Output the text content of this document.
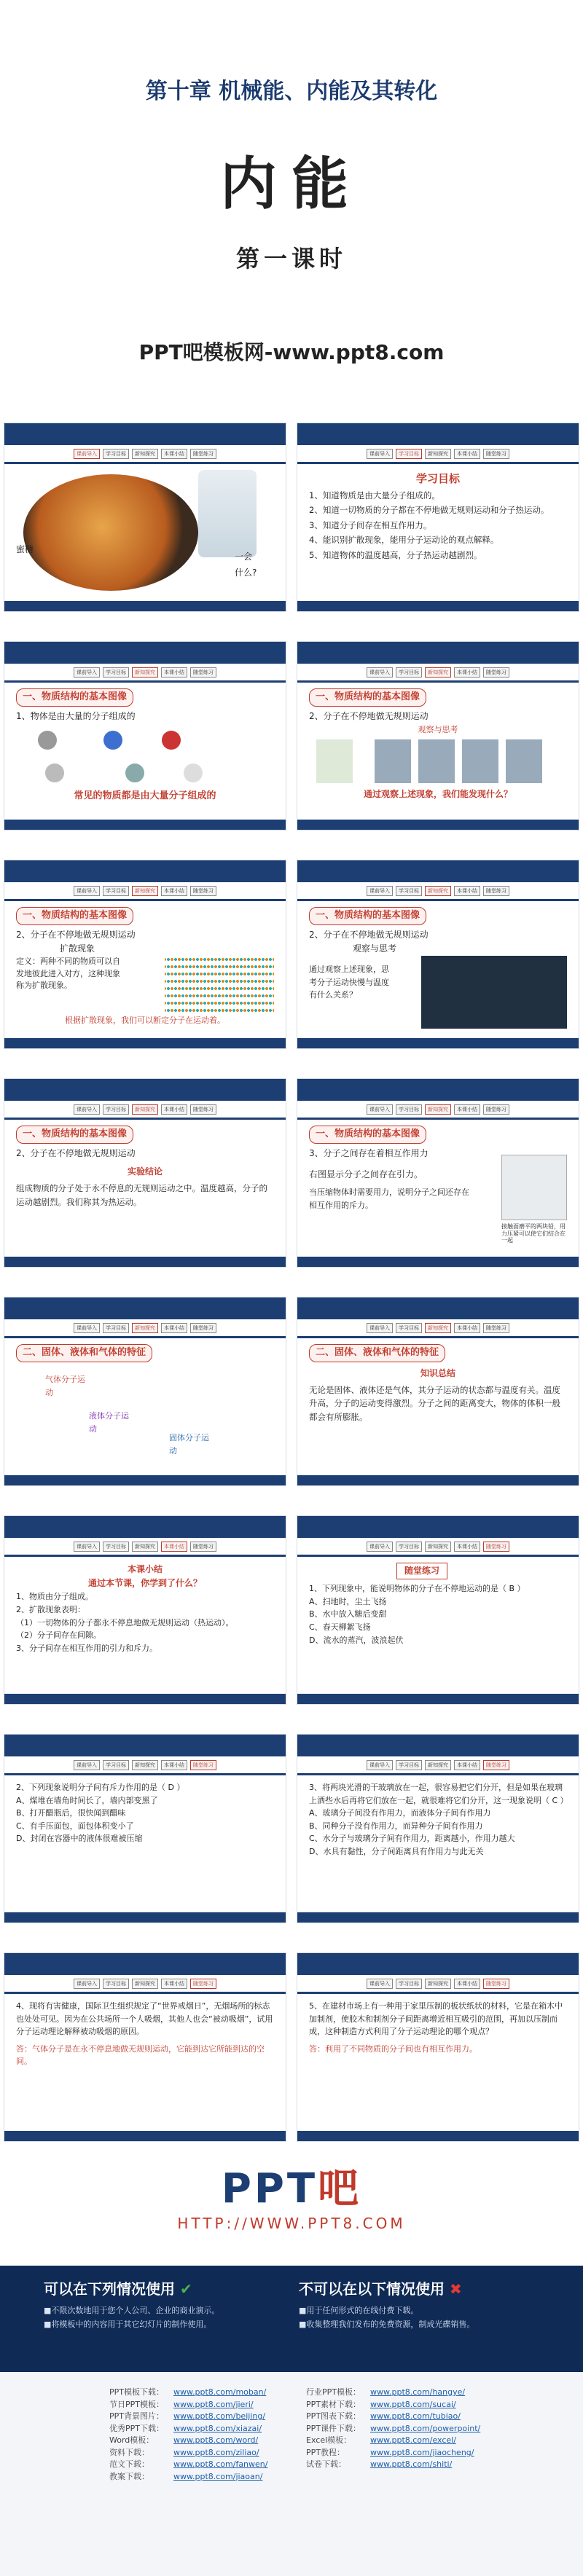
第十章 机械能、内能及其转化
内能
第一课时
PPT吧模板网-www.ppt8.com
课前导入	学习目标	新知探究	本课小结	随堂练习
蜜糖
一会
什么?
课前导入	学习目标	新知探究	本课小结	随堂练习
学习目标
1、知道物质是由大量分子组成的。
2、知道一切物质的分子都在不停地做无规则运动和分子热运动。
3、知道分子间存在相互作用力。
4、能识别扩散现象，能用分子运动论的观点解释。
5、知道物体的温度越高，分子热运动越剧烈。
课前导入	学习目标	新知探究	本课小结	随堂练习
一、物质结构的基本图像
1、物体是由大量的分子组成的
常见的物质都是由大量分子组成的
课前导入	学习目标	新知探究	本课小结	随堂练习
一、物质结构的基本图像
2、分子在不停地做无规则运动
观察与思考
通过观察上述现象，我们能发现什么？
课前导入	学习目标	新知探究	本课小结	随堂练习
一、物质结构的基本图像
2、分子在不停地做无规则运动
扩散现象
定义：两种不同的物质可以自发地彼此进入对方，这种现象称为扩散现象。
根据扩散现象，我们可以断定分子在运动着。
课前导入	学习目标	新知探究	本课小结	随堂练习
一、物质结构的基本图像
2、分子在不停地做无规则运动
观察与思考
通过观察上述现象，思考分子运动快慢与温度有什么关系？
课前导入	学习目标	新知探究	本课小结	随堂练习
一、物质结构的基本图像
2、分子在不停地做无规则运动
实验结论
组成物质的分子处于永不停息的无规则运动之中。温度越高，分子的运动越剧烈。我们称其为热运动。
课前导入	学习目标	新知探究	本课小结	随堂练习
一、物质结构的基本图像
3、分子之间存在着相互作用力
右图显示分子之间存在引力。
当压缩物体时需要用力，说明分子之间还存在相互作用的斥力。
接触面磨平的两块铅，用力压紧可以使它们结合在一起
课前导入	学习目标	新知探究	本课小结	随堂练习
二、固体、液体和气体的特征
气体分子运动
液体分子运动
固体分子运动
课前导入	学习目标	新知探究	本课小结	随堂练习
二、固体、液体和气体的特征
知识总结
无论是固体、液体还是气体，其分子运动的状态都与温度有关。温度升高，分子的运动变得激烈。分子之间的距离变大，物体的体积一般都会有所膨胀。
课前导入	学习目标	新知探究	本课小结	随堂练习
本课小结
通过本节课，你学到了什么？
1、物质由分子组成。
2、扩散现象表明：
（1）一切物体的分子都永不停息地做无规则运动（热运动）。
（2）分子间存在间隙。
3、分子间存在相互作用的引力和斥力。
课前导入	学习目标	新知探究	本课小结	随堂练习
随堂练习
1、下列现象中，能说明物体的分子在不停地运动的是（ B ）
A、扫地时，尘土飞扬
B、水中放入糖后变甜
C、春天柳絮飞扬
D、流水的蒸汽，波浪起伏
课前导入	学习目标	新知探究	本课小结	随堂练习
2、下列现象说明分子间有斥力作用的是（ D ）
A、煤堆在墙角时间长了，墙内部变黑了
B、打开醋瓶后，很快闻到醋味
C、有手压面包，面包体积变小了
D、封闭在容器中的液体很难被压缩
课前导入	学习目标	新知探究	本课小结	随堂练习
3、将两块光滑的干玻璃放在一起，很容易把它们分开，但是如果在玻璃上洒些水后再将它们放在一起，就很难将它们分开，这一现象说明（ C ）
A、玻璃分子间没有作用力，而液体分子间有作用力
B、同种分子没有作用力，而异种分子间有作用力
C、水分子与玻璃分子间有作用力，距离越小，作用力越大
D、水具有黏性，分子间距离具有作用力与此无关
课前导入	学习目标	新知探究	本课小结	随堂练习
4、现将有害健康，国际卫生组织规定了“世界戒烟日”，无烟场所的标志也处处可见。因为在公共场所一个人吸烟，其他人也会“被动吸烟”，试用分子运动理论解释被动吸烟的原因。
答：气体分子是在永不停息地做无规则运动，它能到达它所能到达的空间。
课前导入	学习目标	新知探究	本课小结	随堂练习
5、在建材市场上有一种用于家里压制的板状纸状的材料，它是在箱木中加制剂，使胶木和制剂分子间距离增近相互吸引的范围，再加以压制而成，这种制造方式利用了分子运动理论的哪个观点？
答：利用了不同物质的分子间也有相互作用力。
PPT吧
HTTP://WWW.PPT8.COM
可以在下列情况使用 ✔

■不限次数地用于您个人公司、企业的商业演示。

■将模板中的内容用于其它幻灯片的制作使用。

不可以在以下情况使用 ✖

■用于任何形式的在线付费下载。

■收集整理我们发布的免费资源，制成光碟销售。

PPT模板下载： www.ppt8.com/moban/
节日PPT模板： www.ppt8.com/jieri/
PPT背景图片： www.ppt8.com/beijing/
优秀PPT下载： www.ppt8.com/xiazai/
Word模板： www.ppt8.com/word/
资料下载：	www.ppt8.com/ziliao/
范文下载：	www.ppt8.com/fanwen/
教案下载：	www.ppt8.com/jiaoan/
行业PPT模板： www.ppt8.com/hangye/
PPT素材下载： www.ppt8.com/sucai/
PPT图表下载： www.ppt8.com/tubiao/
PPT课件下载： www.ppt8.com/powerpoint/
Excel模板： www.ppt8.com/excel/
PPT教程：	www.ppt8.com/jiaocheng/
试卷下载：	www.ppt8.com/shiti/
